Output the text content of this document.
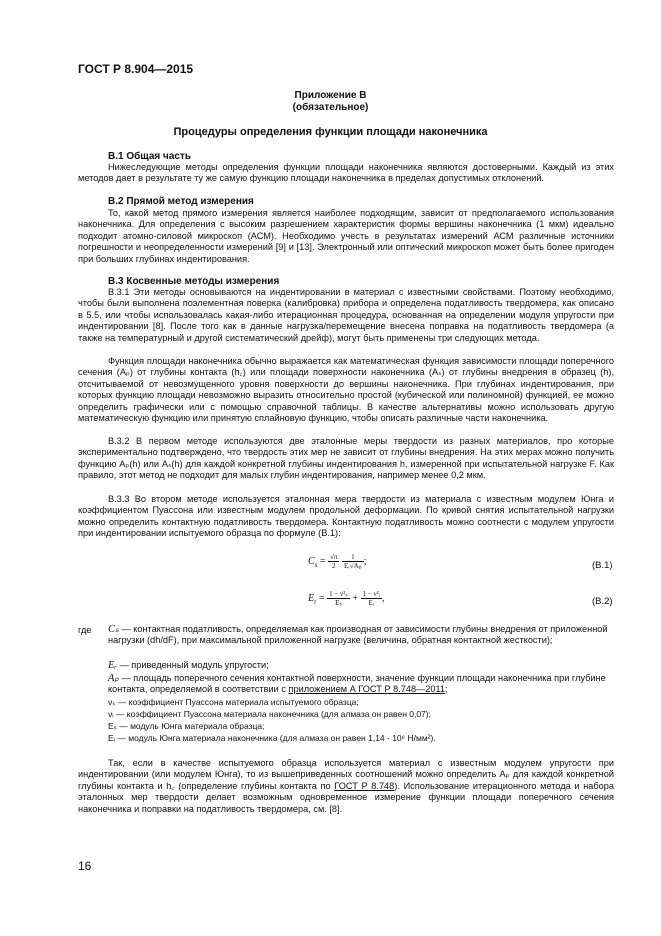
ГОСТ Р 8.904—2015
Приложение В
(обязательное)
Процедуры определения функции площади наконечника
В.1 Общая часть
Нижеследующие методы определения функции площади наконечника являются достоверными. Каждый из этих методов дает в результате ту же самую функцию площади наконечника в пределах допустимых отклонений.
В.2 Прямой метод измерения
То, какой метод прямого измерения является наиболее подходящим, зависит от предполагаемого использования наконечника. Для определения с высоким разрешением характеристик формы вершины наконечника (1 мкм) идеально подходит атомно-силовой микроскоп (АСМ). Необходимо учесть в результатах измерений АСМ различные источники погрешности и неопределенности измерений [9] и [13]. Электронный или оптический микроскоп может быть более пригоден при больших глубинах индентирования.
В.3 Косвенные методы измерения
В.3.1 Эти методы основываются на индентировании в материал с известными свойствами. Поэтому необходимо, чтобы были выполнена поэлементная поверка (калибровка) прибора и определена податливость твердомера, как описано в 5.5, или чтобы использовалась какая-либо итерационная процедура, основанная на определении модуля упругости при индентировании [8]. После того как в данные нагрузка/перемещение внесена поправка на податливость твердомера (а также на температурный и другой систематический дрейф), могут быть применены три следующих метода.
Функция площади наконечника обычно выражается как математическая функция зависимости площади поперечного сечения (Aₚ) от глубины контакта (h꜀) или площади поверхности наконечника (Aₛ) от глубины внедрения в образец (h), отсчитываемой от невозмущенного уровня поверхности до вершины наконечника. При глубинах индентирования, при которых функцию площади невозможно выразить относительно простой (кубической или полиномной) функцией, ее можно определить графически или с помощью справочной таблицы. В качестве альтернативы можно использовать другую математическую функцию или принятую сплайновую функцию, чтобы описать различные части наконечника.
В.3.2 В первом методе используются две эталонные меры твердости из разных материалов, про которые экспериментально подтверждено, что твердость этих мер не зависит от глубины внедрения. На этих мерах можно получить функцию Aₚ(h) или Aₛ(h) для каждой конкретной глубины индентирования h, измеренной при испытательной нагрузке F. Как правило, этот метод не подходит для малых глубин индентирования, например менее 0,2 мкм.
В.3.3 Во втором методе используется эталонная мера твердости из материала с известным модулем Юнга и коэффициентом Пуассона или известным модулем продольной деформации. По кривой снятия испытательной нагрузки можно определить контактную податливость твердомера. Контактную податливость можно соотнести с модулем упругости при индентировании испытуемого образца по формуле (В.1):
$C_s = \frac{√\pi}{2}$
$\frac{1}{\text{Eᵣ√Aₚ}}$ ;	(В.1)
$E_r = \frac{\text{1 − ν²ₛ}}{\text{Eₛ}} + \frac{\text{1 − ν²ᵢ}}{\text{Eᵢ}}$ ,	(В.2)
где Cₛ — контактная податливость, определяемая как производная от зависимости глубины внедрения от приложенной нагрузки (dh/dF), при максимальной приложенной нагрузке (величина, обратная контактной жесткости);
Eᵣ — приведенный модуль упругости;
Aₚ — площадь поперечного сечения контактной поверхности, значение функции площади наконечника при глубине контакта, определяемой в соответствии с приложением А ГОСТ Р 8.748—2011;
νₛ — коэффициент Пуассона материала испытуемого образца;
νᵢ — коэффициент Пуассона материала наконечника (для алмаза он равен 0,07);
Eₛ — модуль Юнга материала образца;
Eᵢ — модуль Юнга материала наконечника (для алмаза он равен 1,14 · 10⁶ Н/мм²).
Так, если в качестве испытуемого образца используется материал с известным модулем упругости при индентировании (или модулем Юнга), то из вышеприведенных соотношений можно определить Aₚ для каждой конкретной глубины контакта и h꜀ (определение глубины контакта по ГОСТ Р 8.748). Использование итерационного метода и набора эталонных мер твердости делает возможным одновременное измерение функции площади поперечного сечения наконечника и поправки на податливость твердомера, см. [8].
16
